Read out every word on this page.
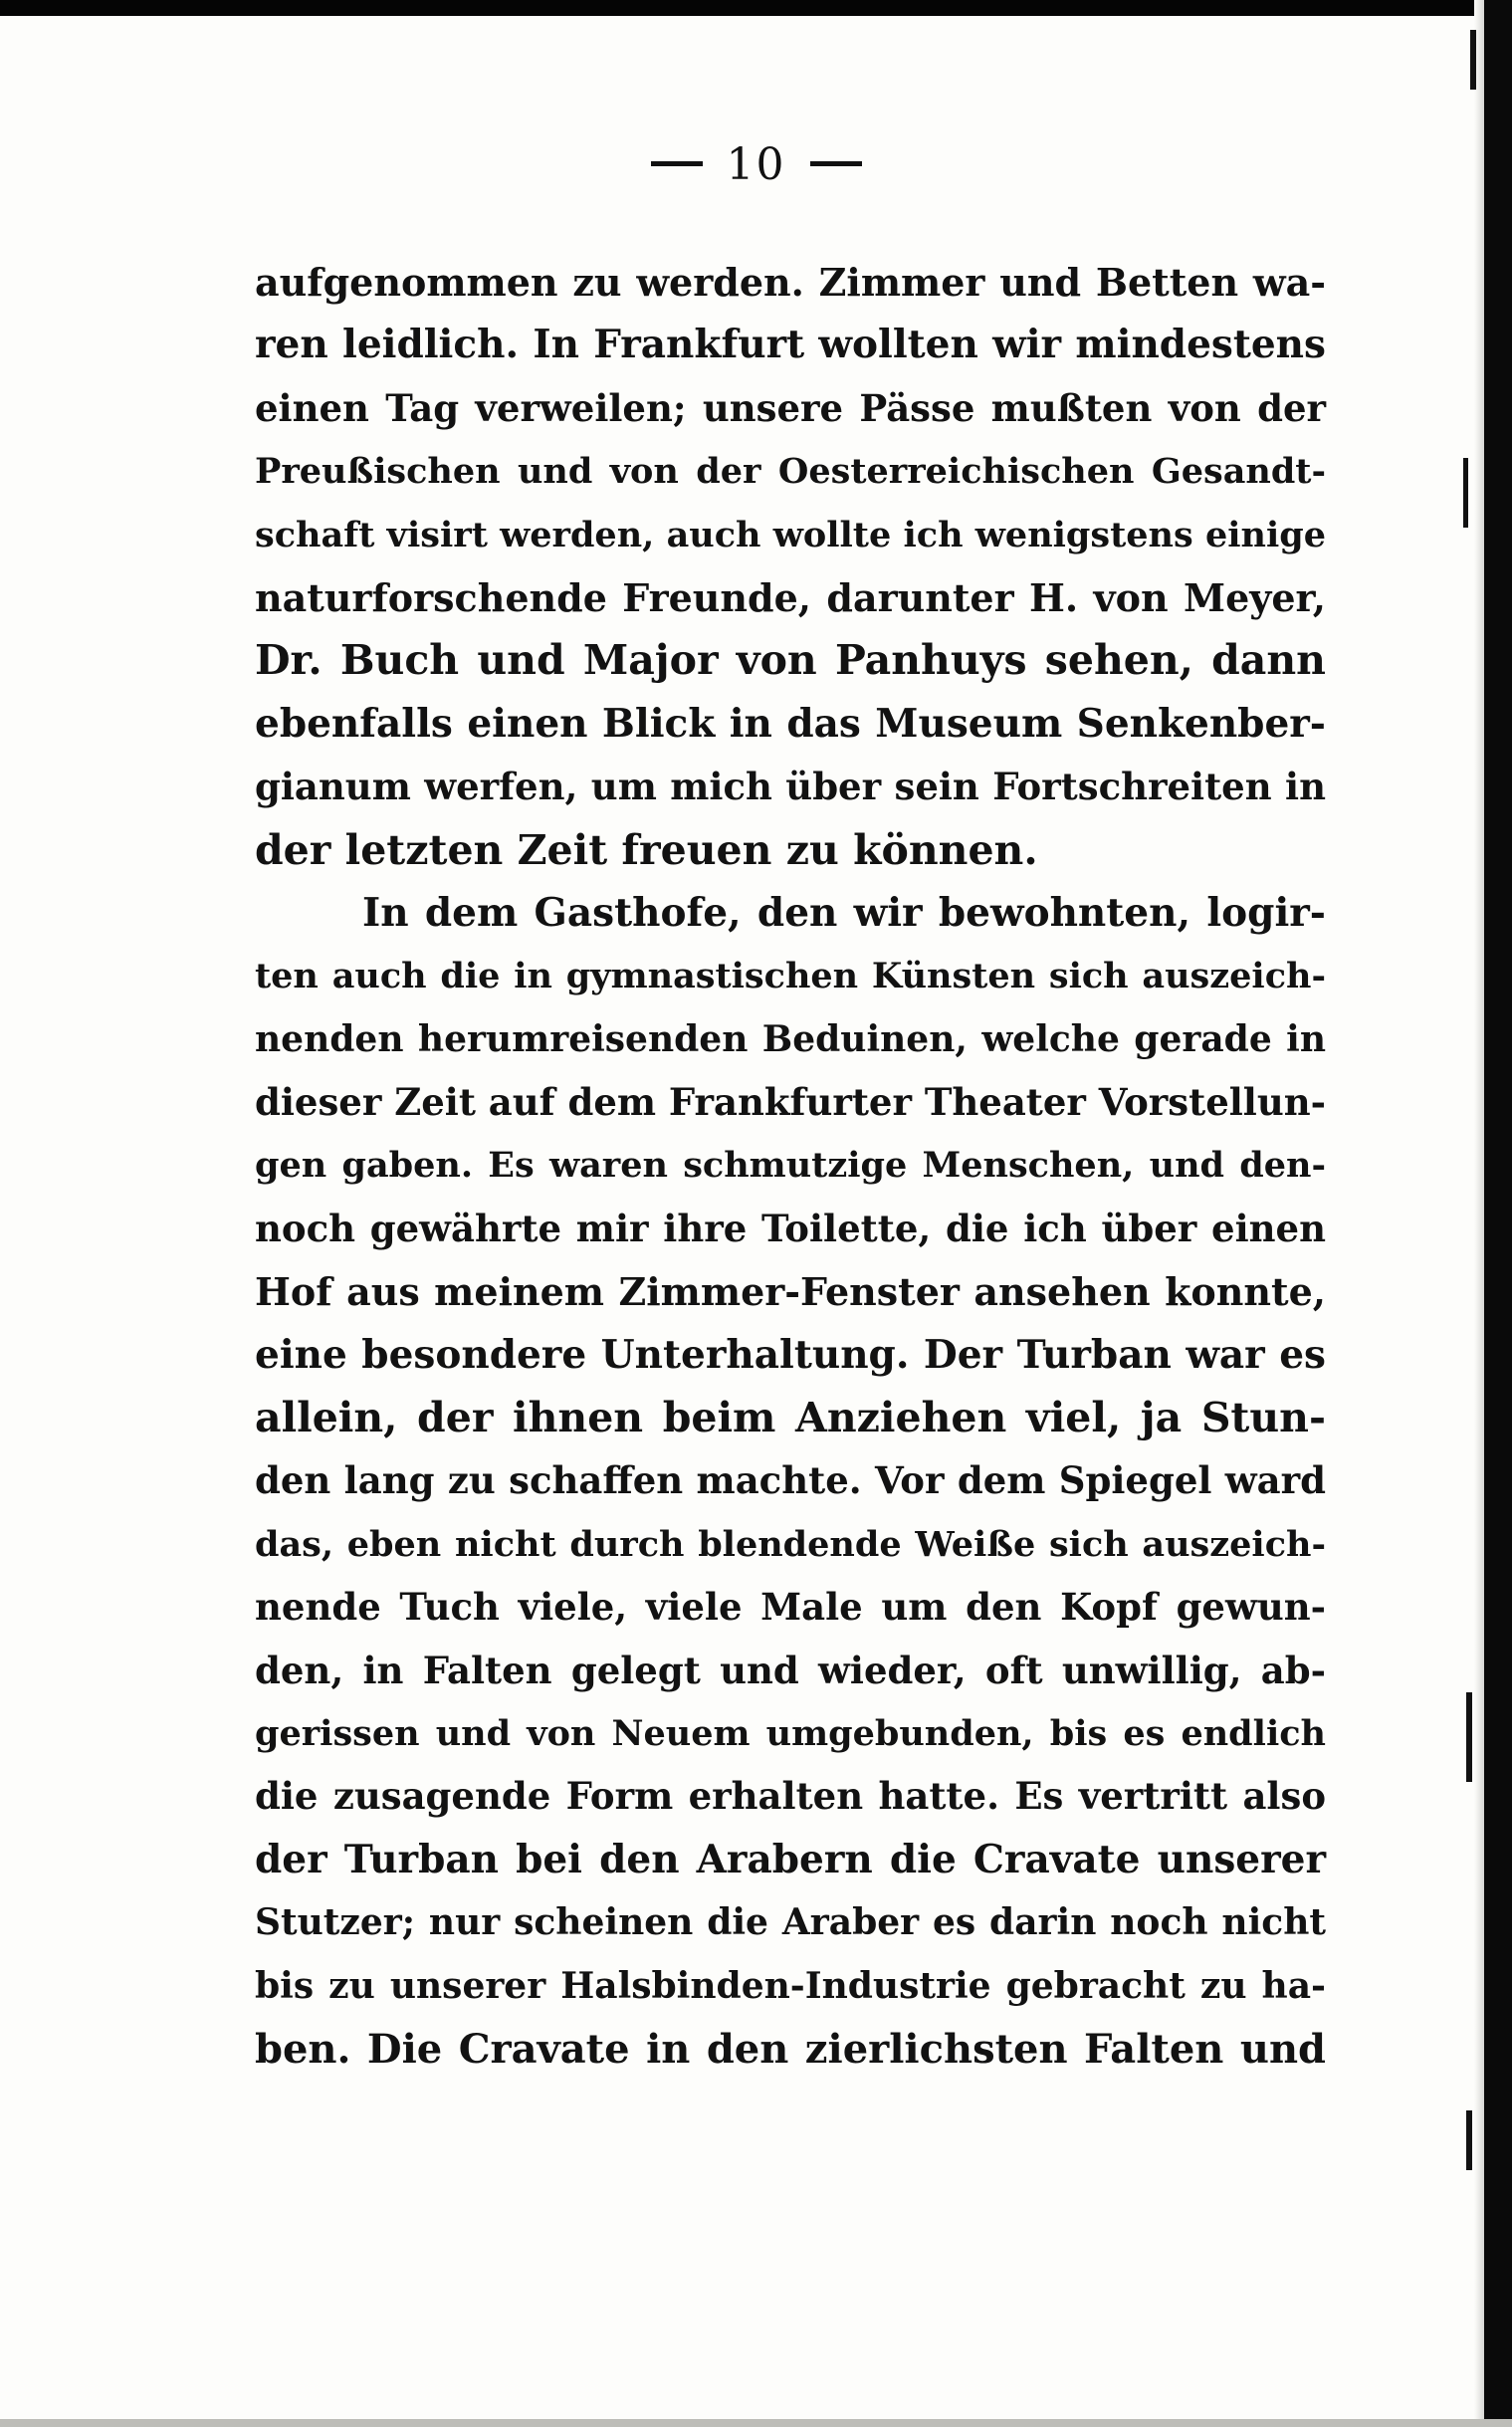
10
aufgenommen zu werden. Zimmer und Betten wa-
ren leidlich. In Frankfurt wollten wir mindestens
einen Tag verweilen; unsere Pässe mußten von der
Preußischen und von der Oesterreichischen Gesandt-
schaft visirt werden, auch wollte ich wenigstens einige
naturforschende Freunde, darunter H. von Meyer,
Dr. Buch und Major von Panhuys sehen, dann
ebenfalls einen Blick in das Museum Senkenber-
gianum werfen, um mich über sein Fortschreiten in
der letzten Zeit freuen zu können.
In dem Gasthofe, den wir bewohnten, logir-
ten auch die in gymnastischen Künsten sich auszeich-
nenden herumreisenden Beduinen, welche gerade in
dieser Zeit auf dem Frankfurter Theater Vorstellun-
gen gaben. Es waren schmutzige Menschen, und den-
noch gewährte mir ihre Toilette, die ich über einen
Hof aus meinem Zimmer-Fenster ansehen konnte,
eine besondere Unterhaltung. Der Turban war es
allein, der ihnen beim Anziehen viel, ja Stun-
den lang zu schaffen machte. Vor dem Spiegel ward
das, eben nicht durch blendende Weiße sich auszeich-
nende Tuch viele, viele Male um den Kopf gewun-
den, in Falten gelegt und wieder, oft unwillig, ab-
gerissen und von Neuem umgebunden, bis es endlich
die zusagende Form erhalten hatte. Es vertritt also
der Turban bei den Arabern die Cravate unserer
Stutzer; nur scheinen die Araber es darin noch nicht
bis zu unserer Halsbinden-Industrie gebracht zu ha-
ben. Die Cravate in den zierlichsten Falten und
